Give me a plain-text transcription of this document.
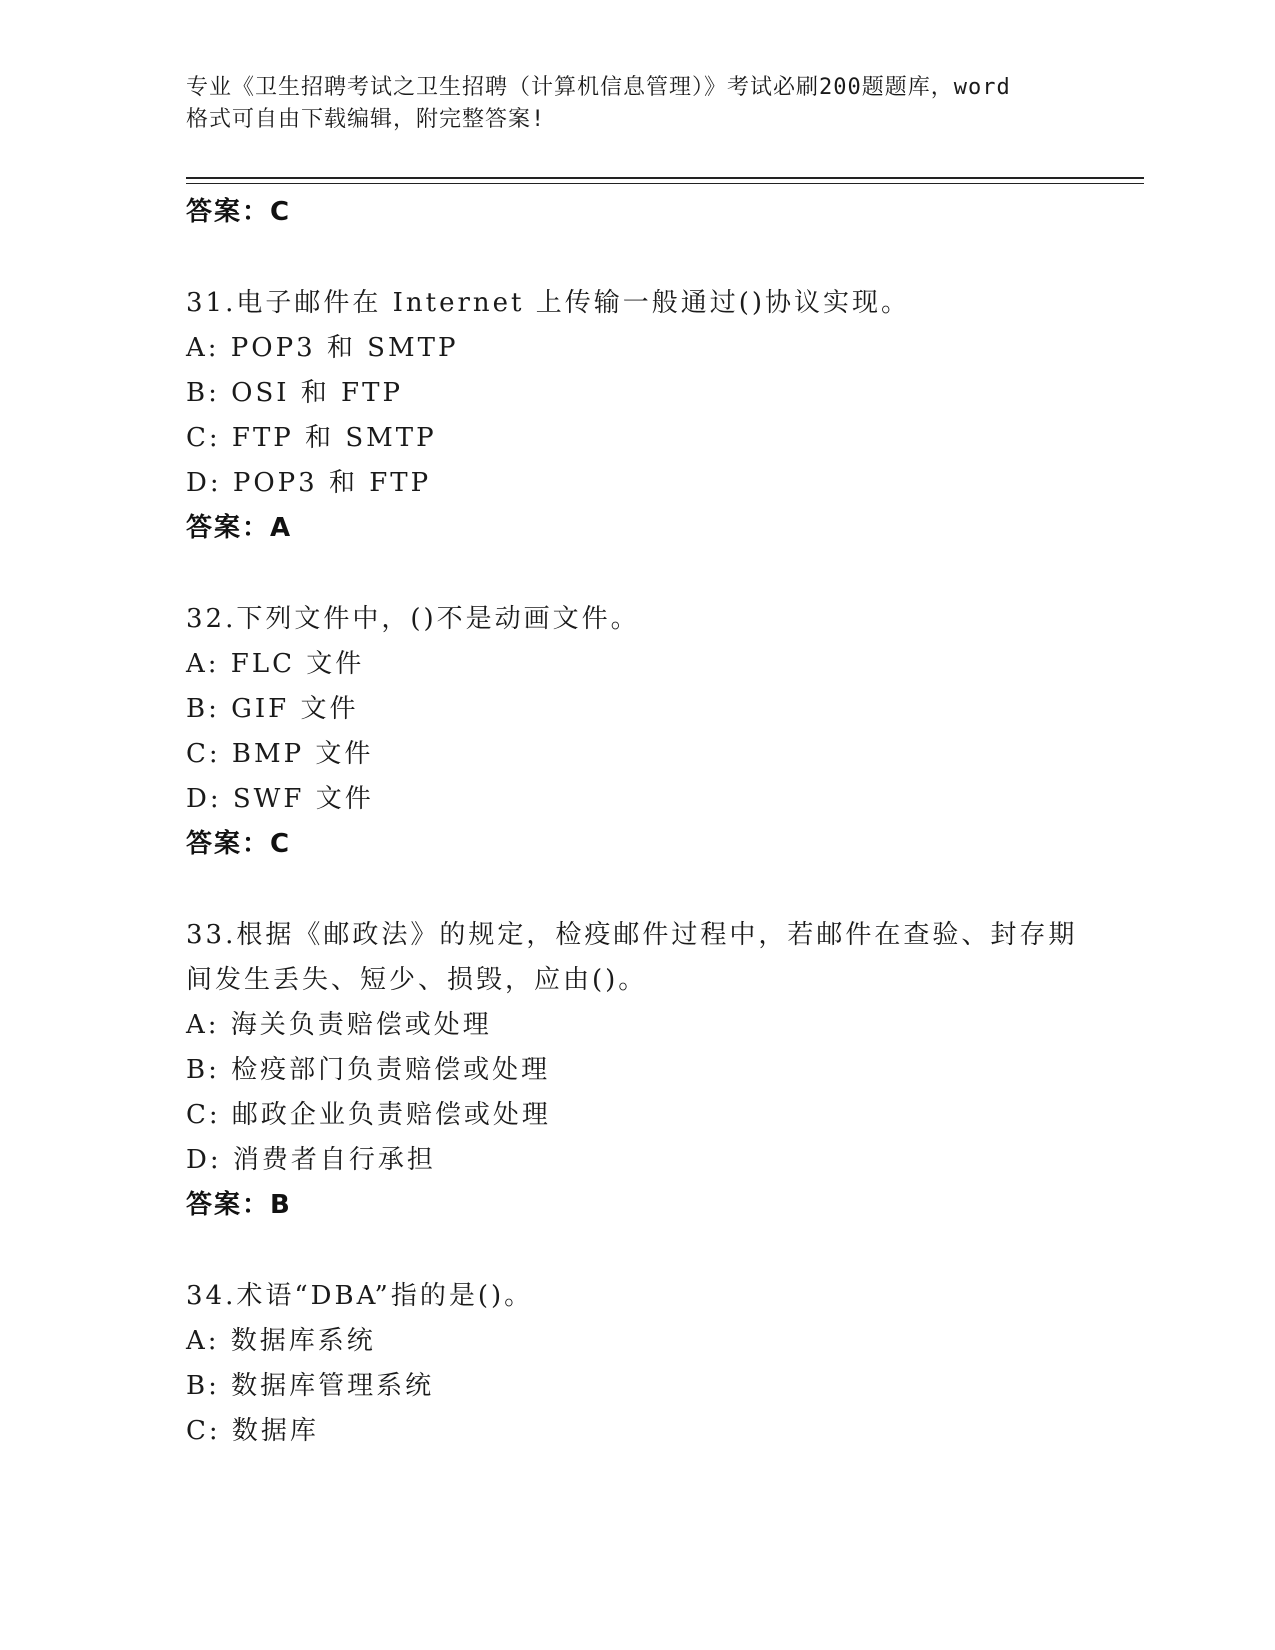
专业《卫生招聘考试之卫生招聘（计算机信息管理）》考试必刷200题题库，word
格式可自由下载编辑，附完整答案!
答案：C
31.电子邮件在 Internet 上传输一般通过()协议实现。
A: POP3 和 SMTP
B: OSI 和 FTP
C: FTP 和 SMTP
D: POP3 和 FTP
答案：A
32.下列文件中，()不是动画文件。
A: FLC 文件
B: GIF 文件
C: BMP 文件
D: SWF 文件
答案：C
33.根据《邮政法》的规定，检疫邮件过程中，若邮件在查验、封存期
间发生丢失、短少、损毁，应由()。
A: 海关负责赔偿或处理
B: 检疫部门负责赔偿或处理
C: 邮政企业负责赔偿或处理
D: 消费者自行承担
答案：B
34.术语“DBA”指的是()。
A: 数据库系统
B: 数据库管理系统
C: 数据库
